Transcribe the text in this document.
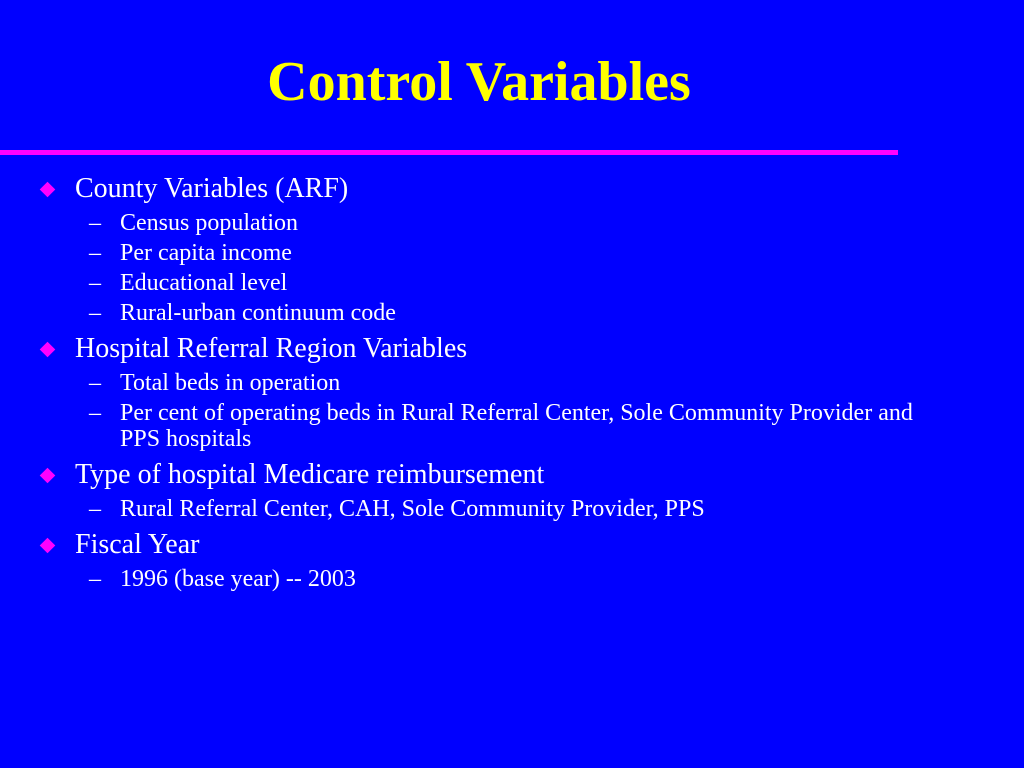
Control Variables
County Variables (ARF)
– Census population
– Per capita income
– Educational level
– Rural-urban continuum code
Hospital Referral Region Variables
– Total beds in operation
– Per cent of operating beds in Rural Referral Center, Sole Community Provider and PPS hospitals
Type of hospital Medicare reimbursement
– Rural Referral Center, CAH, Sole Community Provider, PPS
Fiscal Year
– 1996 (base year) -- 2003
